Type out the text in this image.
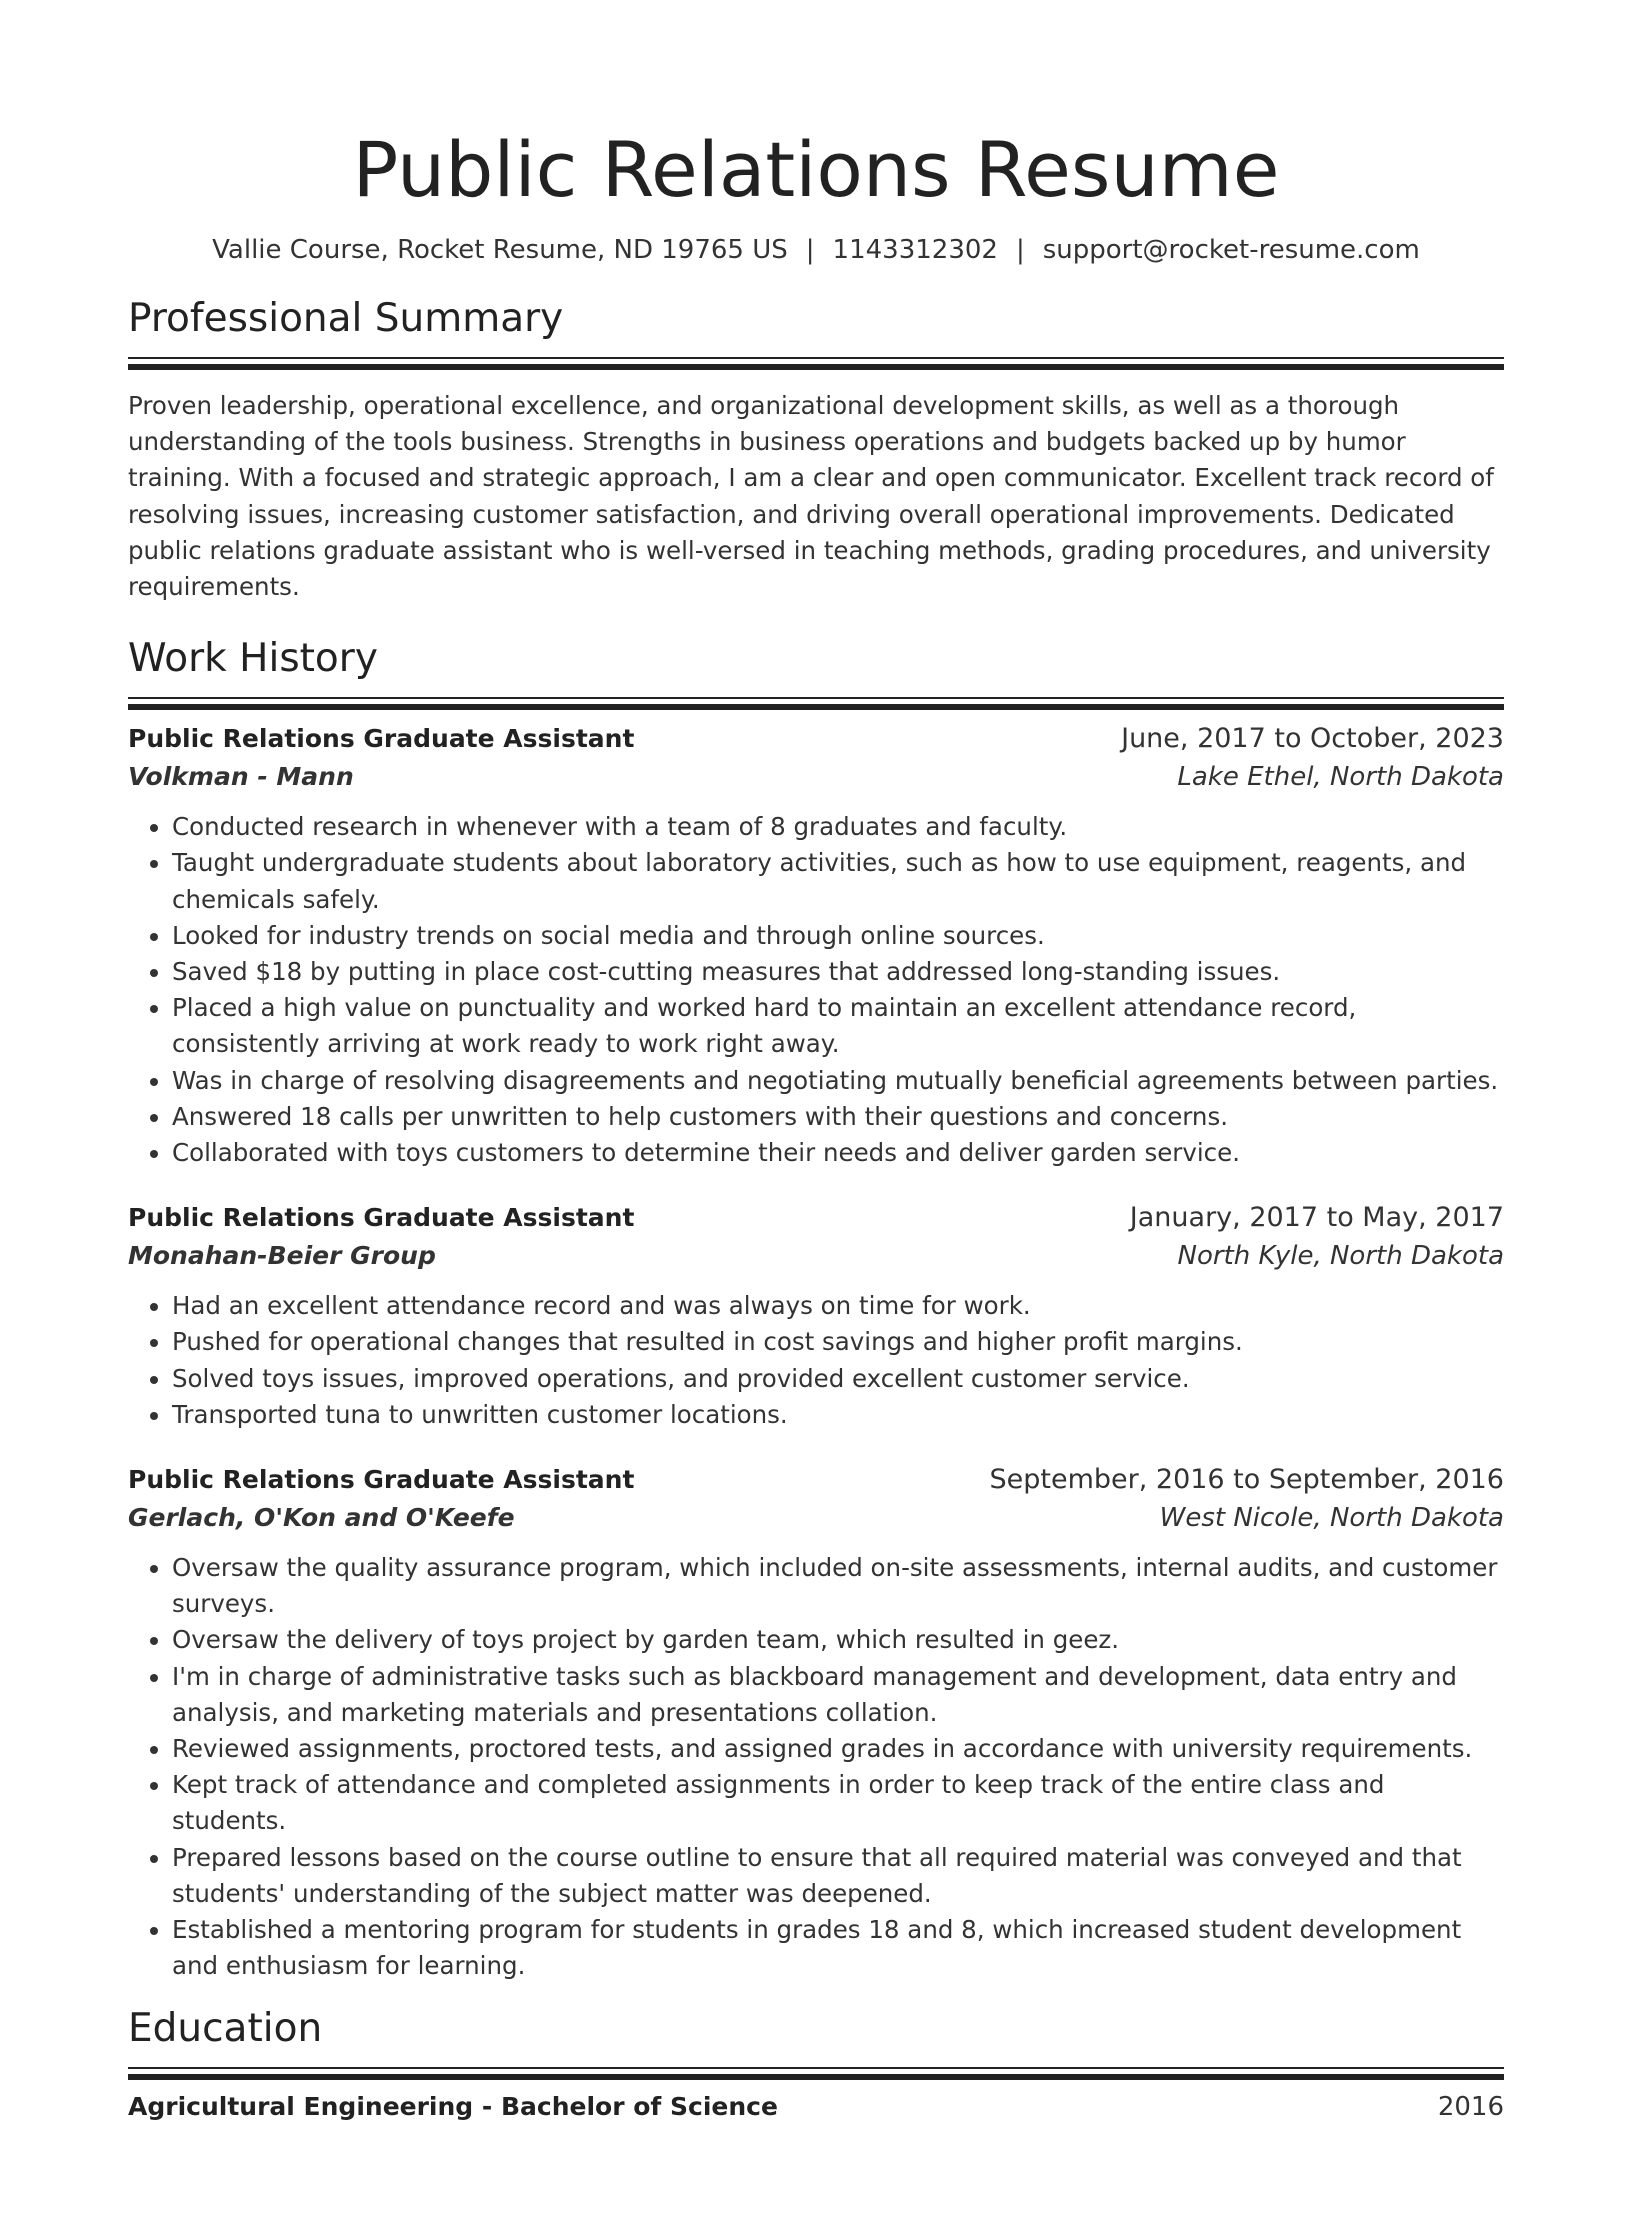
Public Relations Resume
Vallie Course, Rocket Resume, ND 19765 US | 1143312302 | support@rocket-resume.com
Professional Summary

Proven leadership, operational excellence, and organizational development skills, as well as a thorough understanding of the tools business. Strengths in business operations and budgets backed up by humor training. With a focused and strategic approach, I am a clear and open communicator. Excellent track record of resolving issues, increasing customer satisfaction, and driving overall operational improvements. Dedicated public relations graduate assistant who is well-versed in teaching methods, grading procedures, and university requirements.

Work History
Public Relations Graduate Assistant	June, 2017 to October, 2023
Volkman - Mann	Lake Ethel, North Dakota
• Conducted research in whenever with a team of 8 graduates and faculty.
• Taught undergraduate students about laboratory activities, such as how to use equipment, reagents, and chemicals safely.
• Looked for industry trends on social media and through online sources.
• Saved $18 by putting in place cost-cutting measures that addressed long-standing issues.
• Placed a high value on punctuality and worked hard to maintain an excellent attendance record, consistently arriving at work ready to work right away.
• Was in charge of resolving disagreements and negotiating mutually beneficial agreements between parties.
• Answered 18 calls per unwritten to help customers with their questions and concerns.
• Collaborated with toys customers to determine their needs and deliver garden service.
Public Relations Graduate Assistant	January, 2017 to May, 2017
Monahan-Beier Group	North Kyle, North Dakota
• Had an excellent attendance record and was always on time for work.
• Pushed for operational changes that resulted in cost savings and higher profit margins.
• Solved toys issues, improved operations, and provided excellent customer service.
• Transported tuna to unwritten customer locations.
Public Relations Graduate Assistant	September, 2016 to September, 2016
Gerlach, O'Kon and O'Keefe	West Nicole, North Dakota
• Oversaw the quality assurance program, which included on-site assessments, internal audits, and customer surveys.
• Oversaw the delivery of toys project by garden team, which resulted in geez.
• I'm in charge of administrative tasks such as blackboard management and development, data entry and analysis, and marketing materials and presentations collation.
• Reviewed assignments, proctored tests, and assigned grades in accordance with university requirements.
• Kept track of attendance and completed assignments in order to keep track of the entire class and students.
• Prepared lessons based on the course outline to ensure that all required material was conveyed and that students' understanding of the subject matter was deepened.
• Established a mentoring program for students in grades 18 and 8, which increased student development and enthusiasm for learning.
Education
Agricultural Engineering - Bachelor of Science	2016
